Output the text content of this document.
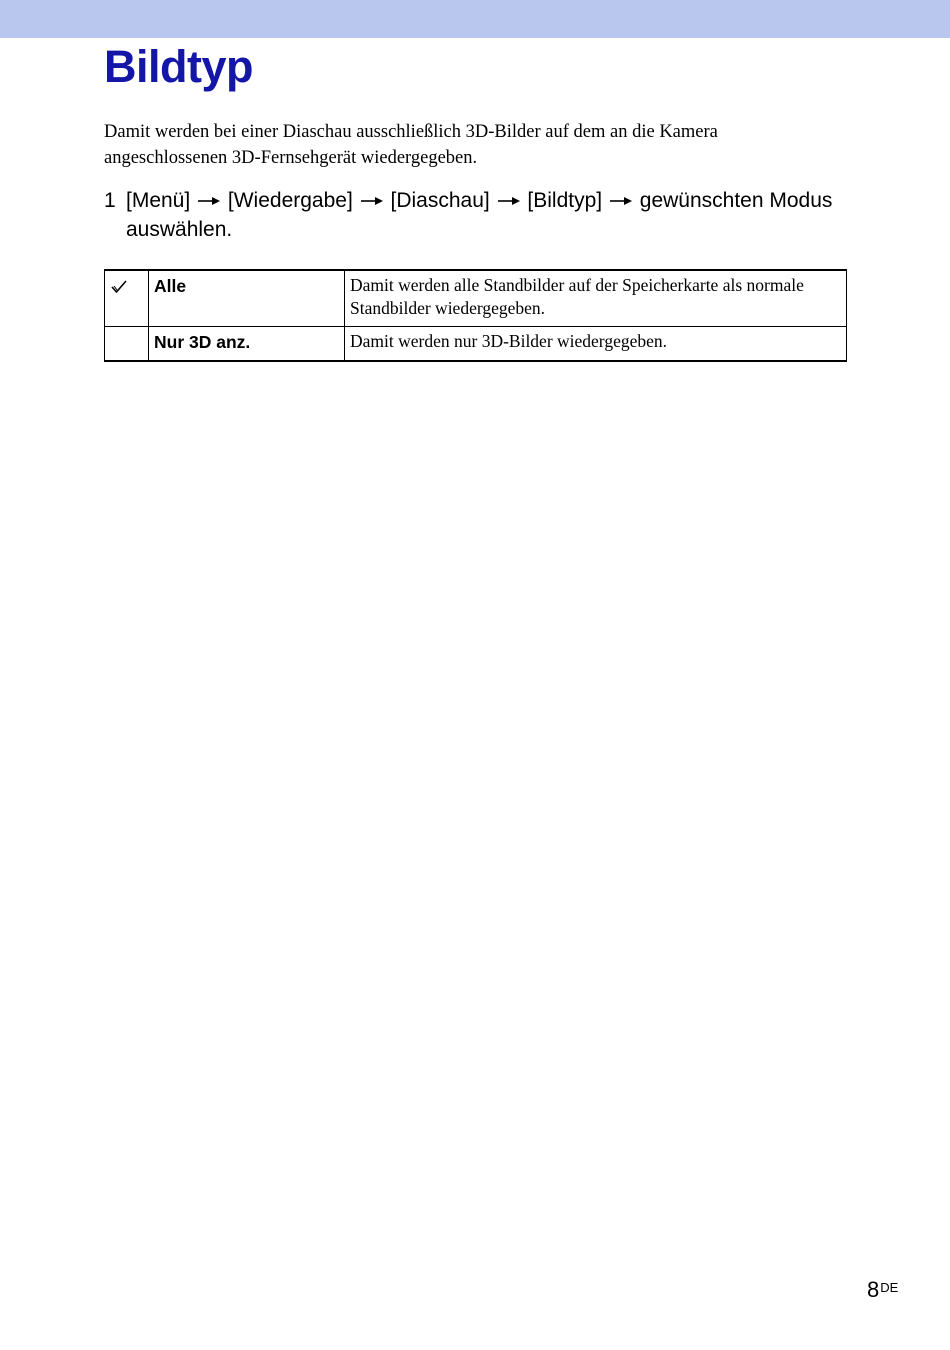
Bildtyp

Damit werden bei einer Diaschau ausschließlich 3D-Bilder auf dem an die Kamera angeschlossenen 3D-Fernsehgerät wiedergegeben.

1 [Menü] [Wiedergabe] [Diaschau] [Bildtyp] gewünschten Modus auswählen.
	Alle	Damit werden alle Standbilder auf der Speicherkarte als normale Standbilder wiedergegeben.
	Nur 3D anz.	Damit werden nur 3D-Bilder wiedergegeben.
8DE
